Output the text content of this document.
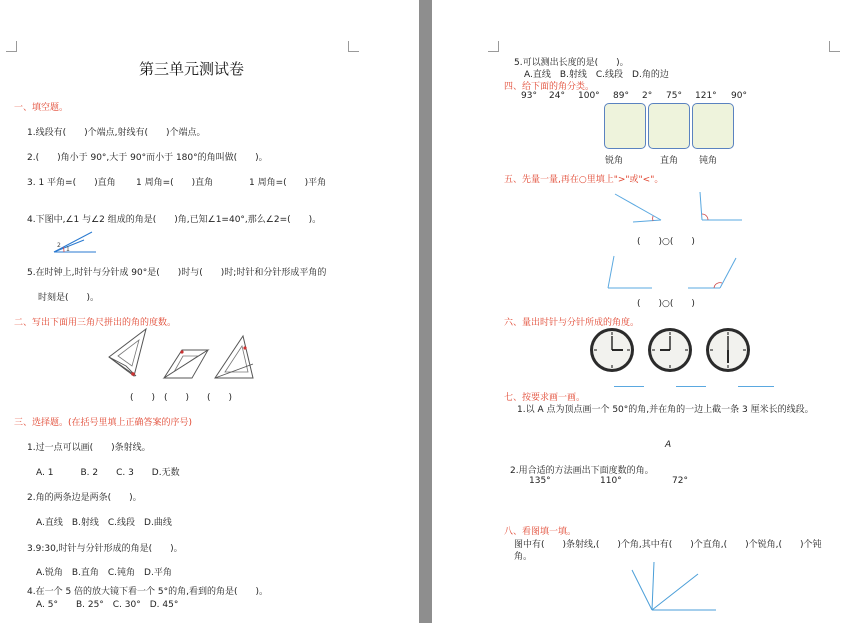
第三单元测试卷
一、填空题。
1.线段有(　　)个端点,射线有(　　)个端点。
2.(　　)角小于 90°,大于 90°而小于 180°的角叫做(　　)。
3. 1 平角=(　　)直角 1 周角=(　　)直角	1 周角=(　　)平角
4.下图中,∠1 与∠2 组成的角是(　　)角,已知∠1=40°,那么∠2=(　　)。
2
1
5.在时钟上,时针与分针成 90°是(　　)时与(　　)时;时针和分针形成平角的
时刻是(　　)。
二、写出下面用三角尺拼出的角的度数。
(　　)　(　　)　　(　　)
三、选择题。(在括号里填上正确答案的序号)
1.过一点可以画(　　)条射线。
A. 1　　　B. 2　　C. 3　　D.无数
2.角的两条边是两条(　　)。
A.直线　B.射线　C.线段　D.曲线
3.9:30,时针与分针形成的角是(　　)。
A.锐角　B.直角　C.钝角　D.平角
4.在一个 5 倍的放大镜下看一个 5°的角,看到的角是(　　)。
A. 5°　　B. 25°　C. 30°　D. 45°
5.可以测出长度的是(　　)。
A.直线　B.射线　C.线段　D.角的边
四、给下面的角分类。
93° 24° 100° 89° 2° 75° 121° 90°
锐角	直角 钝角
五、先量一量,再在○里填上">"或"<"。
(　　)○(　　)
(　　)○(　　)
六、量出时针与分针所成的角度。
七、按要求画一画。
1.以 A 点为顶点画一个 50°的角,并在角的一边上截一条 3 厘米长的线段。
A
2.用合适的方法画出下面度数的角。
135°	110°	72°
八、看图填一填。
图中有(　　)条射线,(　　)个角,其中有(　　)个直角,(　　)个锐角,(　　)个钝
角。
